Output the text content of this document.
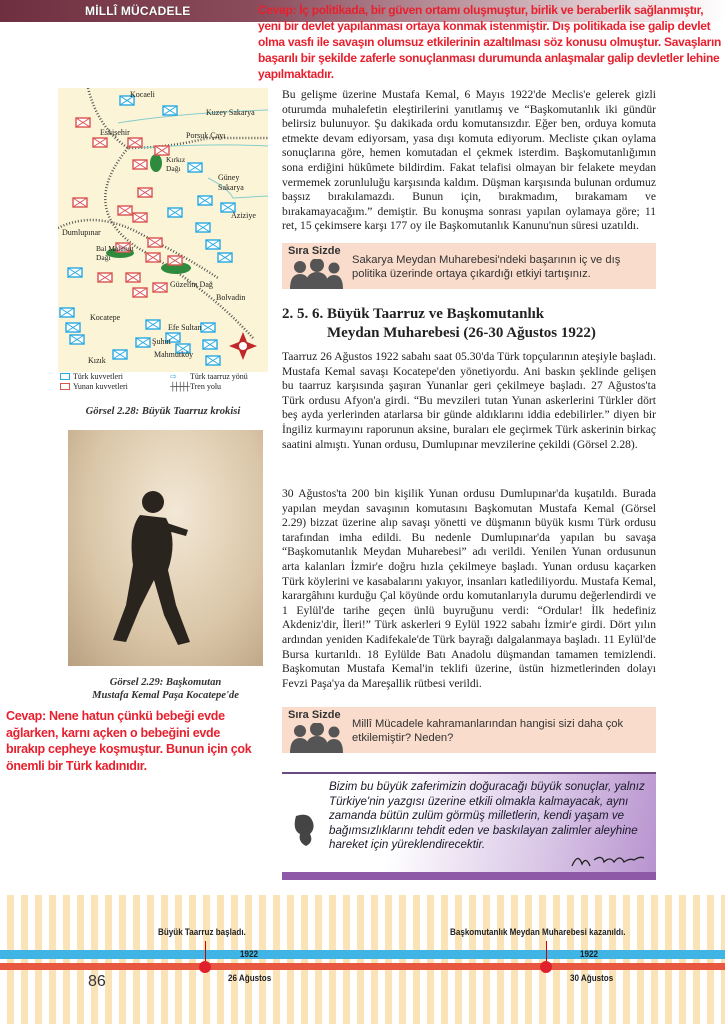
MİLLÎ MÜCADELE	Cevap: İç politikada, bir güven ortamı oluşmuştur, birlik ve beraberlik sağlanmıştır, yeni bir devlet yapılanması ortaya konmak istenmiştir. Dış politikada ise galip devlet olma vasfı ile savaşın olumsuz etkilerinin azaltılması söz konusu olmuştur. Savaşların başarılı bir şekilde zaferle sonuçlanması durumunda anlaşmalar galip devletler lehine yapılmaktadır.

Bu gelişme üzerine Mustafa Kemal, 6 Mayıs 1922'de Meclis'e gelerek gizli oturumda muhalefetin eleştirilerini yanıtlamış ve “Başkomutanlık iki gündür belirsiz bulunuyor. Şu dakikada ordu komutansızdır. Eğer ben, orduya komuta etmekte devam ediyorsam, yasa dışı komuta ediyorum. Mecliste çıkan oylama sonuçlarına göre, hemen komutadan el çekmek isterdim. Başkomutanlığımın sona erdiğini hükûmete bildirdim. Fakat telafisi olmayan bir felakete meydan vermemek zorunluluğu karşısında kaldım. Düşman karşısında bulunan ordumuz başsız bırakılamazdı. Bunun için, bırakmadım, bırakamam ve bırakamayacağım.” demiştir. Bu konuşma sonrası yapılan oylamaya göre; 11 ret, 15 çekimsere karşı 177 oy ile Başkomutanlık Kanunu'nun süresi uzatıldı.

Sıra Sizde
Sakarya Meydan Muharebesi'ndeki başarının iç ve dış politika üzerinde ortaya çıkardığı etkiyi tartışınız.
2. 5. 6. Büyük Taarruz ve Başkomutanlık
Meydan Muharebesi (26-30 Ağustos 1922)

Taarruz 26 Ağustos 1922 sabahı saat 05.30'da Türk topçularının ateşiyle başladı. Mustafa Kemal savaşı Kocatepe'den yönetiyordu. Ani baskın şeklinde gelişen bu taarruz karşısında şaşıran Yunanlar geri çekilmeye başladı. 27 Ağustos'ta Türk ordusu Afyon'a girdi. “Bu mevzileri tutan Yunan askerlerini Türkler dört beş ayda yerlerinden atarlarsa bir günde aldıklarını iddia edebilirler.” diyen bir İngiliz kurmayını raporunun aksine, buraları ele geçirmek Türk askerinin birkaç saatini almıştı. Yunan ordusu, Dumlupınar mevzilerine çekildi (Görsel 2.28).

30 Ağustos'ta 200 bin kişilik Yunan ordusu Dumlupınar'da kuşatıldı. Burada yapılan meydan savaşının komutasını Başkomutan Mustafa Kemal (Görsel 2.29) bizzat üzerine alıp savaşı yönetti ve düşmanın büyük kısmı Türk ordusu tarafından imha edildi. Bu nedenle Dumlupınar'da yapılan bu savaşa “Başkomutanlık Meydan Muharebesi” adı verildi. Yenilen Yunan ordusunun arta kalanları İzmir'e doğru hızla çekilmeye başladı. Yunan ordusu kaçarken Türk köylerini ve kasabalarını yakıyor, insanları katlediliyordu. Mustafa Kemal, karargâhını kurduğu Çal köyünde ordu komutanlarıyla durumu değerlendirdi ve 1 Eylül'de tarihe geçen ünlü buyruğunu verdi: “Ordular! İlk hedefiniz Akdeniz'dir, İleri!” Türk askerleri 9 Eylül 1922 sabahı İzmir'e girdi. Dört yılın ardından yeniden Kadifekale'de Türk bayrağı dalgalanmaya başladı. 11 Eylül'de Bursa kurtarıldı. 18 Eylülde Batı Anadolu düşmandan tamamen temizlendi. Başkomutan Mustafa Kemal'in teklifi üzerine, üstün hizmetlerinden dolayı Fevzi Paşa'ya da Mareşallik rütbesi verildi.

Sıra Sizde
Millî Mücadele kahramanlarından hangisi sizi daha çok etkilemiştir? Neden?
Bizim bu büyük zaferimizin doğuracağı büyük sonuçlar, yalnız Türkiye'nin yazgısı üzerine etkili olmakla kalmayacak, aynı zamanda bütün zulüm görmüş milletlerin, kendi yaşam ve bağımsızlıklarını tehdit eden ve baskılayan zalimler aleyhine hareket için yüreklendirecektir.
Kocaeli
Kuzey Sakarya
Eskişehir	Porsuk Çayı
Kırkız Dağı
Güney Sakarya
Aziziye
Dumlupınar
Bal Mahmut Dağı
Güzelim Dağ
Bolvadin
Kocatepe
Efe Sultan
Şuhut
Mahmutköy
Kızık
Türk kuvvetleri
Yunan kuvvetleri
⇨ Türk taarruz yönü
┼┼┼┼┼ Tren yolu
Görsel 2.28: Büyük Taarruz krokisi
Görsel 2.29: Başkomutan
Mustafa Kemal Paşa Kocatepe'de
Cevap: Nene hatun çünkü bebeği evde ağlarken, karnı açken o bebeğini evde bırakıp cepheye koşmuştur. Bunun için çok önemli bir Türk kadınıdır.
Büyük Taarruz başladı.
1922
26 Ağustos
Başkomutanlık Meydan Muharebesi kazanıldı.
1922
30 Ağustos
86
